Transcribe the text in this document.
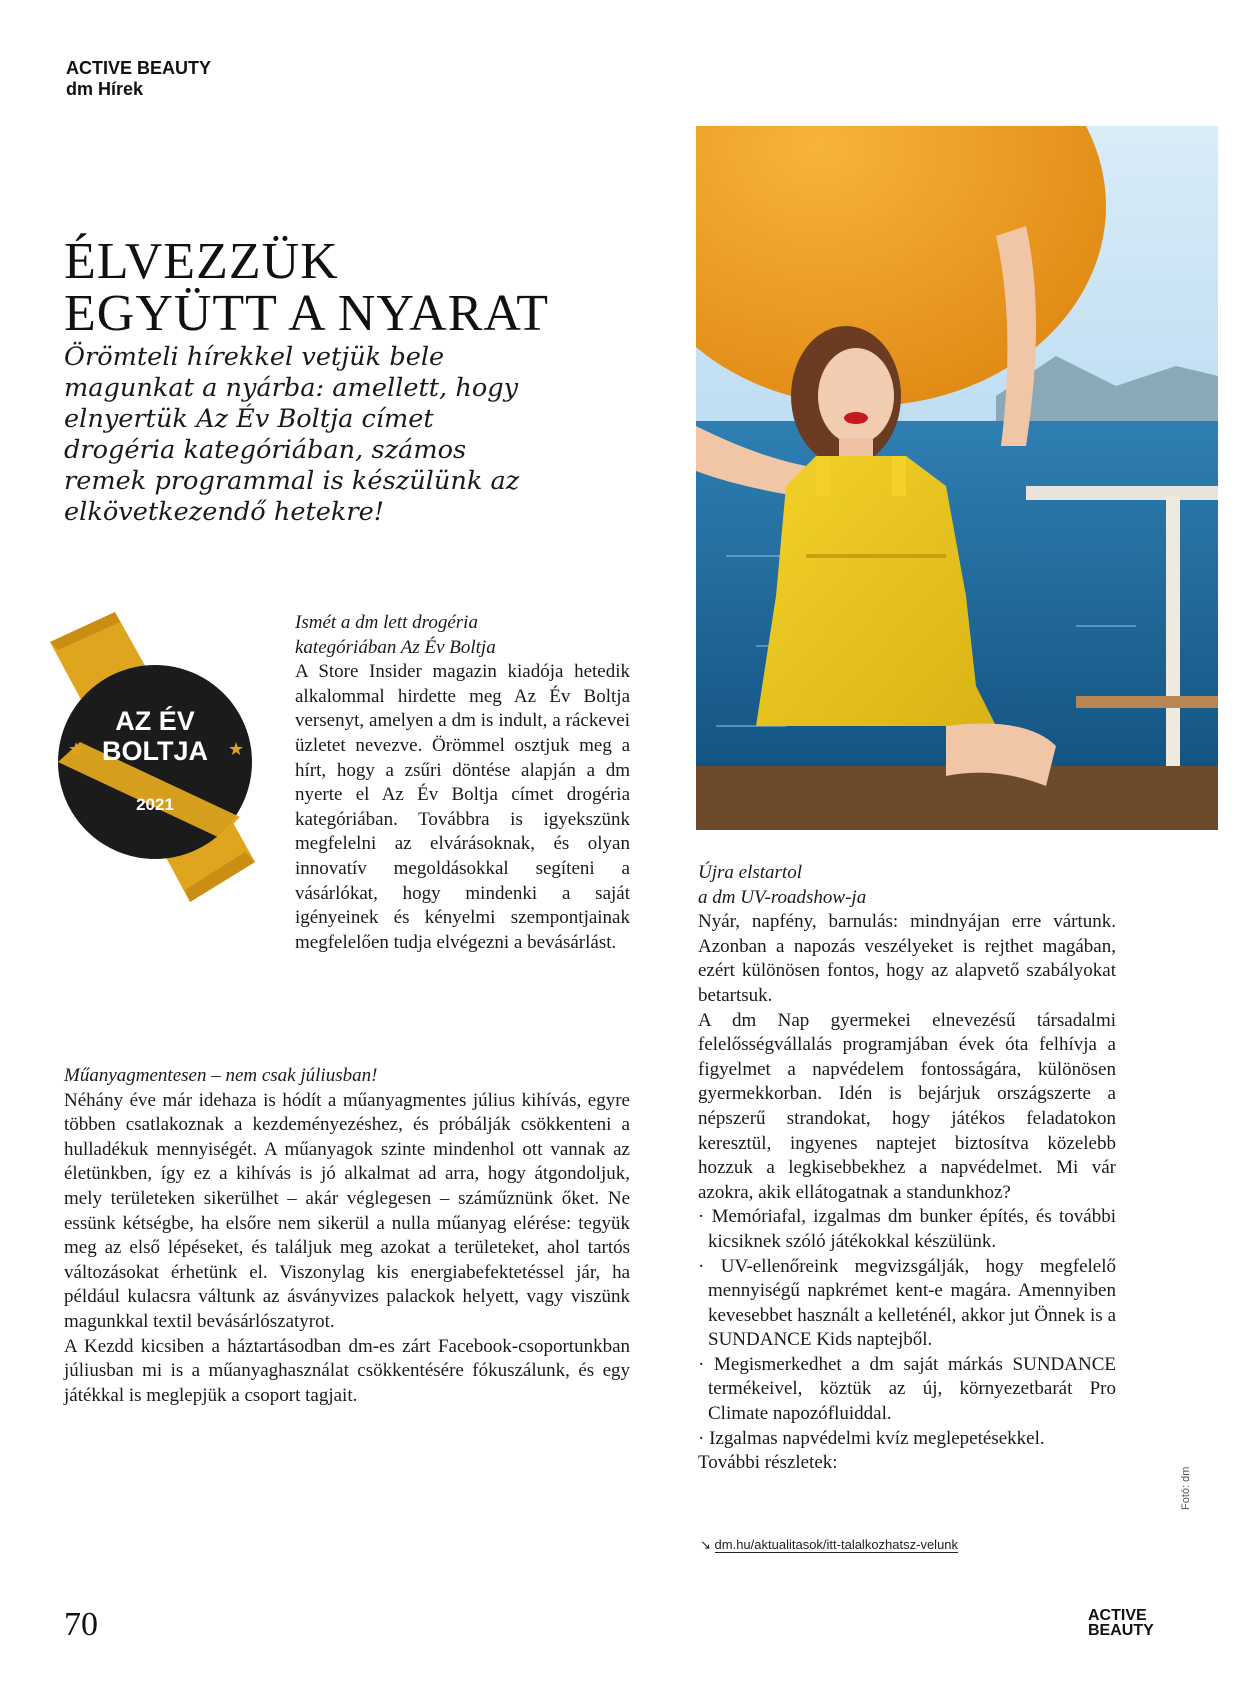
ACTIVE BEAUTY
dm Hírek
ÉLVEZZÜK
EGYÜTT A NYARAT

Örömteli hírekkel vetjük bele magunkat a nyárba: amellett, hogy elnyertük Az Év Boltja címet drogéria kategóriában, számos remek programmal is készülünk az elkövetkezendő hetekre!

AZ ÉV
BOLTJA
★	★
2021
Ismét a dm lett drogéria
kategóriában Az Év Boltja

A Store Insider magazin kiadója hetedik alkalommal hirdette meg Az Év Boltja versenyt, amelyen a dm is indult, a ráckevei üzletet nevezve. Örömmel osztjuk meg a hírt, hogy a zsűri döntése alapján a dm nyerte el Az Év Boltja címet drogéria kategóriában. Továbbra is igyekszünk megfelelni az elvárásoknak, és olyan innovatív megoldásokkal segíteni a vásárlókat, hogy mindenki a saját igényeinek és kényelmi szempontjainak megfelelően tudja elvégezni a bevásárlást.

Műanyagmentesen – nem csak júliusban!

Néhány éve már idehaza is hódít a műanyagmentes július kihívás, egyre többen csatlakoznak a kezdeményezéshez, és próbálják csökkenteni a hulladékuk mennyiségét. A műanyagok szinte mindenhol ott vannak az életünkben, így ez a kihívás is jó alkalmat ad arra, hogy átgondoljuk, mely területeken sikerülhet – akár véglegesen – száműznünk őket. Ne essünk kétségbe, ha elsőre nem sikerül a nulla műanyag elérése: tegyük meg az első lépéseket, és találjuk meg azokat a területeket, ahol tartós változásokat érhetünk el. Viszonylag kis energiabefektetéssel jár, ha például kulacsra váltunk az ásványvizes palackok helyett, vagy viszünk magunkkal textil bevásárlószatyrot.

A Kezdd kicsiben a háztartásodban dm-es zárt Facebook-csoportunkban júliusban mi is a műanyaghasználat csökkentésére fókuszálunk, és egy játékkal is meglepjük a csoport tagjait.

Újra elstartol
a dm UV-roadshow-ja

Nyár, napfény, barnulás: mindnyájan erre vártunk. Azonban a napozás veszélyeket is rejthet magában, ezért különösen fontos, hogy az alapvető szabályokat betartsuk.

A dm Nap gyermekei elnevezésű társadalmi felelősségvállalás programjában évek óta felhívja a figyelmet a napvédelem fontosságára, különösen gyermekkorban. Idén is bejárjuk országszerte a népszerű strandokat, hogy játékos feladatokon keresztül, ingyenes naptejet biztosítva közelebb hozzuk a legkisebbekhez a napvédelmet. Mi vár azokra, akik ellátogatnak a standunkhoz?

· Memóriafal, izgalmas dm bunker építés, és további kicsiknek szóló játékokkal készülünk.
· UV-ellenőreink megvizsgálják, hogy megfelelő mennyiségű napkrémet kent-e magára. Amennyiben kevesebbet használt a kelleténél, akkor jut Önnek is a SUNDANCE Kids naptejből.
· Megismerkedhet a dm saját márkás SUNDANCE termékeivel, köztük az új, környezetbarát Pro Climate napozófluiddal.
· Izgalmas napvédelmi kvíz meglepetésekkel.
További részletek:
↘ dm.hu/aktualitasok/itt-talalkozhatsz-velunk
Fotó: dm
70	ACTIVE
BEAUTY
